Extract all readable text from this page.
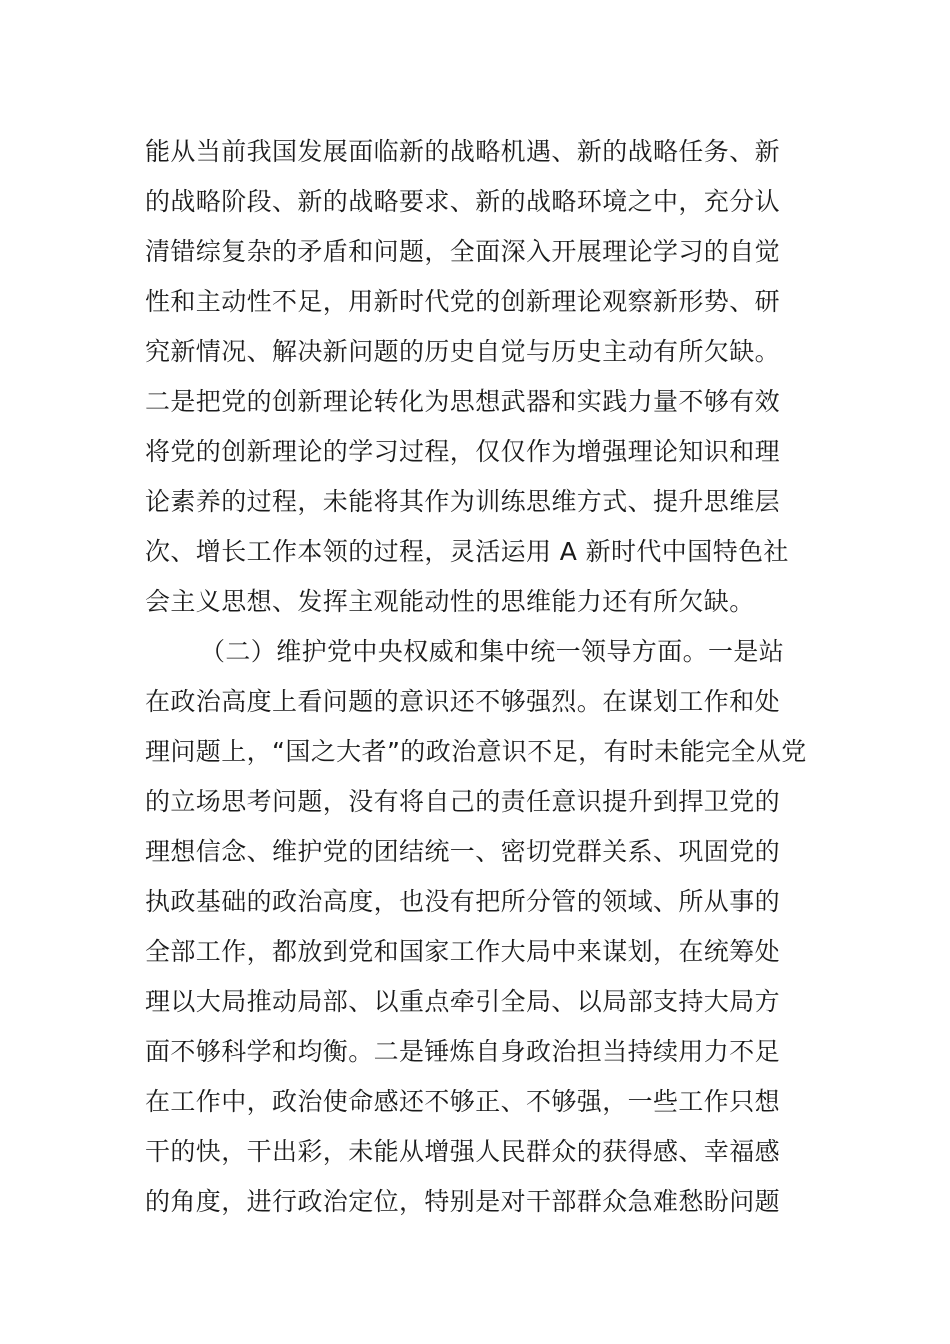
能从当前我国发展面临新的战略机遇、新的战略任务、新
的战略阶段、新的战略要求、新的战略环境之中，充分认
清错综复杂的矛盾和问题，全面深入开展理论学习的自觉
性和主动性不足，用新时代党的创新理论观察新形势、研
究新情况、解决新问题的历史自觉与历史主动有所欠缺。
二是把党的创新理论转化为思想武器和实践力量不够有效
将党的创新理论的学习过程，仅仅作为增强理论知识和理
论素养的过程，未能将其作为训练思维方式、提升思维层
次、增长工作本领的过程，灵活运用 A 新时代中国特色社
会主义思想、发挥主观能动性的思维能力还有所欠缺。
（二）维护党中央权威和集中统一领导方面。一是站
在政治高度上看问题的意识还不够强烈。在谋划工作和处
理问题上，“国之大者”的政治意识不足，有时未能完全从党
的立场思考问题，没有将自己的责任意识提升到捍卫党的
理想信念、维护党的团结统一、密切党群关系、巩固党的
执政基础的政治高度，也没有把所分管的领域、所从事的
全部工作，都放到党和国家工作大局中来谋划，在统筹处
理以大局推动局部、以重点牵引全局、以局部支持大局方
面不够科学和均衡。二是锤炼自身政治担当持续用力不足
在工作中，政治使命感还不够正、不够强，一些工作只想
干的快，干出彩，未能从增强人民群众的获得感、幸福感
的角度，进行政治定位，特别是对干部群众急难愁盼问题
